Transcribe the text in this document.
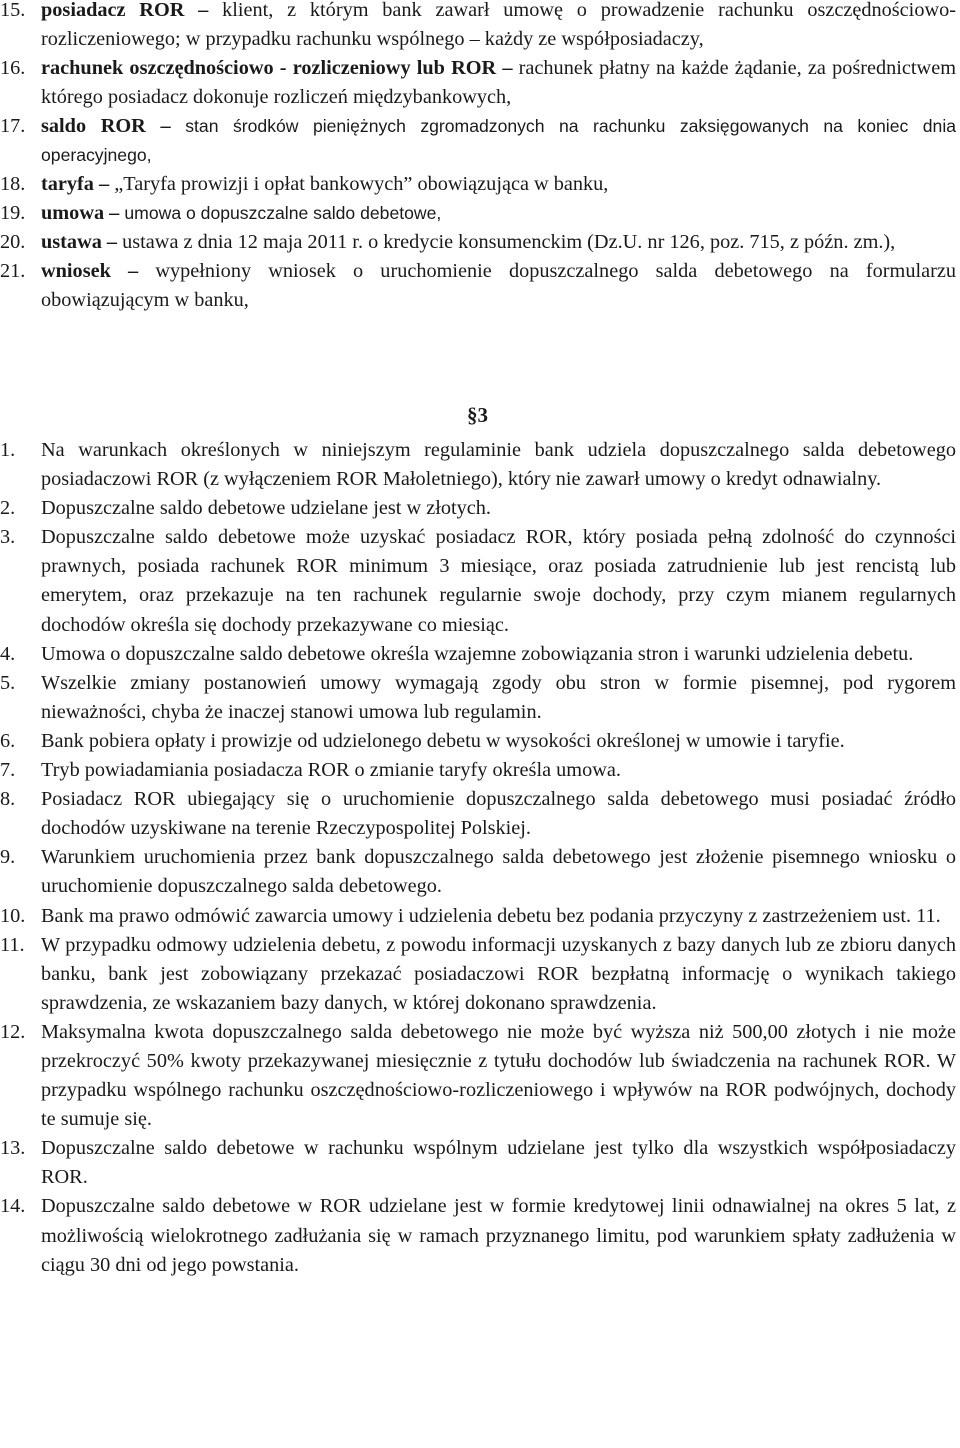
15. posiadacz ROR – klient, z którym bank zawarł umowę o prowadzenie rachunku oszczędnościowo-rozliczeniowego; w przypadku rachunku wspólnego – każdy ze współposiadaczy,
16. rachunek oszczędnościowo - rozliczeniowy lub ROR – rachunek płatny na każde żądanie, za pośrednictwem którego posiadacz dokonuje rozliczeń międzybankowych,
17. saldo ROR – stan środków pieniężnych zgromadzonych na rachunku zaksięgowanych na koniec dnia operacyjnego,
18. taryfa – „Taryfa prowizji i opłat bankowych” obowiązująca w banku,
19. umowa – umowa o dopuszczalne saldo debetowe,
20. ustawa – ustawa z dnia 12 maja 2011 r. o kredycie konsumenckim (Dz.U. nr 126, poz. 715, z późn. zm.),
21. wniosek – wypełniony wniosek o uruchomienie dopuszczalnego salda debetowego na formularzu obowiązującym w banku,
§3
1. Na warunkach określonych w niniejszym regulaminie bank udziela dopuszczalnego salda debetowego posiadaczowi ROR (z wyłączeniem ROR Małoletniego), który nie zawarł umowy o kredyt odnawialny.
2. Dopuszczalne saldo debetowe udzielane jest w złotych.
3. Dopuszczalne saldo debetowe może uzyskać posiadacz ROR, który posiada pełną zdolność do czynności prawnych, posiada rachunek ROR minimum 3 miesiące, oraz posiada zatrudnienie lub jest rencistą lub emerytem, oraz przekazuje na ten rachunek regularnie swoje dochody, przy czym mianem regularnych dochodów określa się dochody przekazywane co miesiąc.
4. Umowa o dopuszczalne saldo debetowe określa wzajemne zobowiązania stron i warunki udzielenia debetu.
5. Wszelkie zmiany postanowień umowy wymagają zgody obu stron w formie pisemnej, pod rygorem nieważności, chyba że inaczej stanowi umowa lub regulamin.
6. Bank pobiera opłaty i prowizje od udzielonego debetu w wysokości określonej w umowie i taryfie.
7. Tryb powiadamiania posiadacza ROR o zmianie taryfy określa umowa.
8. Posiadacz ROR ubiegający się o uruchomienie dopuszczalnego salda debetowego musi posiadać źródło dochodów uzyskiwane na terenie Rzeczypospolitej Polskiej.
9. Warunkiem uruchomienia przez bank dopuszczalnego salda debetowego jest złożenie pisemnego wniosku o uruchomienie dopuszczalnego salda debetowego.
10. Bank ma prawo odmówić zawarcia umowy i udzielenia debetu bez podania przyczyny z zastrzeżeniem ust. 11.
11. W przypadku odmowy udzielenia debetu, z powodu informacji uzyskanych z bazy danych lub ze zbioru danych banku, bank jest zobowiązany przekazać posiadaczowi ROR bezpłatną informację o wynikach takiego sprawdzenia, ze wskazaniem bazy danych, w której dokonano sprawdzenia.
12. Maksymalna kwota dopuszczalnego salda debetowego nie może być wyższa niż 500,00 złotych i nie może przekroczyć 50% kwoty przekazywanej miesięcznie z tytułu dochodów lub świadczenia na rachunek ROR. W przypadku wspólnego rachunku oszczędnościowo-rozliczeniowego i wpływów na ROR podwójnych, dochody te sumuje się.
13. Dopuszczalne saldo debetowe w rachunku wspólnym udzielane jest tylko dla wszystkich współposiadaczy ROR.
14. Dopuszczalne saldo debetowe w ROR udzielane jest w formie kredytowej linii odnawialnej na okres 5 lat, z możliwością wielokrotnego zadłużania się w ramach przyznanego limitu, pod warunkiem spłaty zadłużenia w ciągu 30 dni od jego powstania.
